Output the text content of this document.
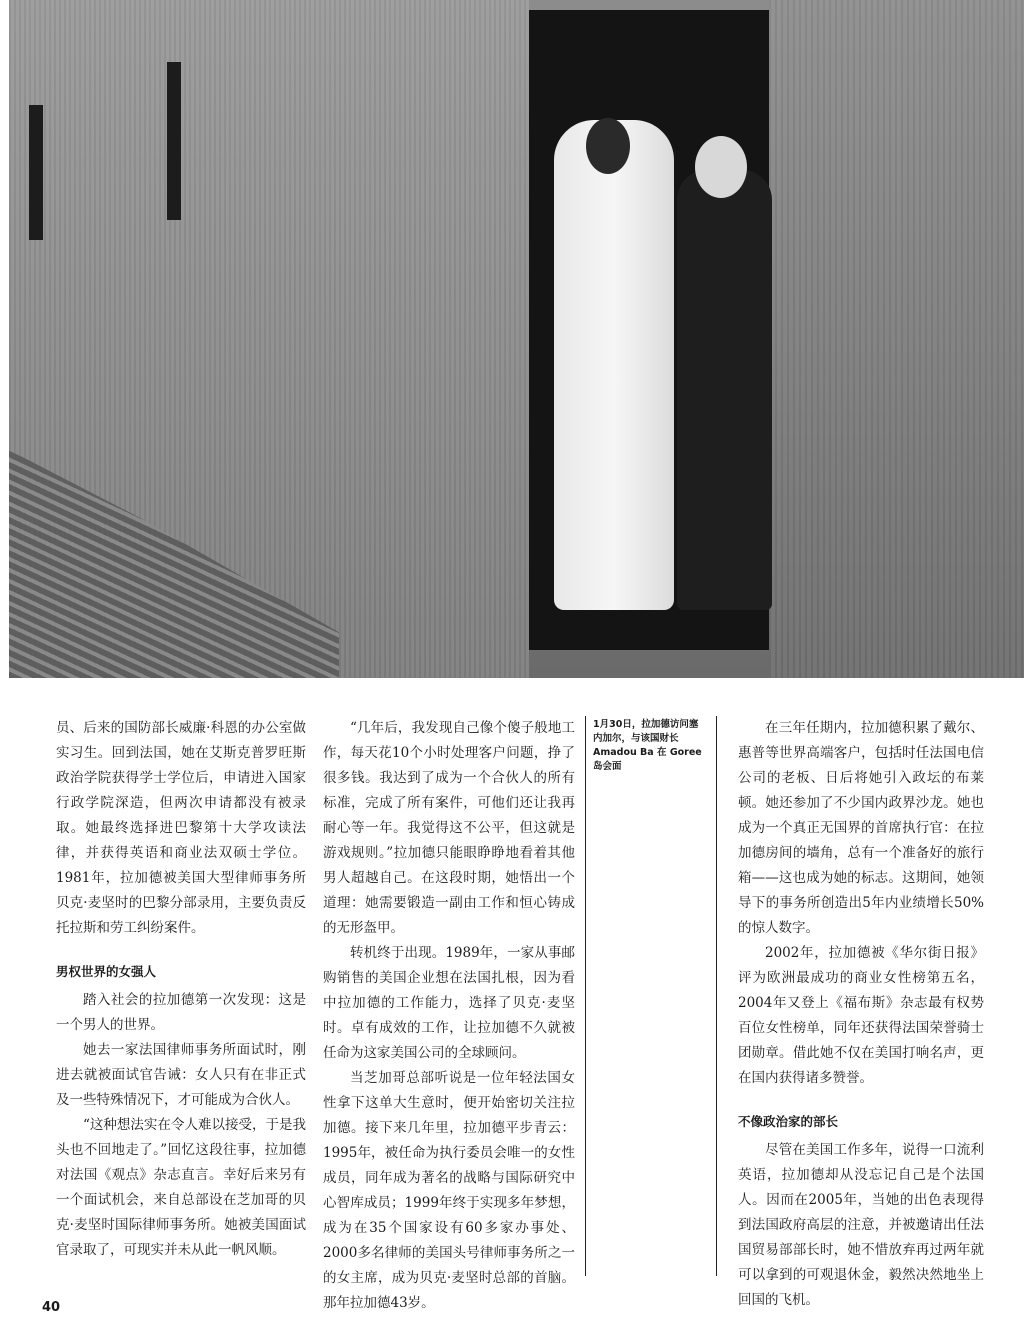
员、后来的国防部长威廉·科恩的办公室做实习生。回到法国，她在艾斯克普罗旺斯政治学院获得学士学位后，申请进入国家行政学院深造，但两次申请都没有被录取。她最终选择进巴黎第十大学攻读法律，并获得英语和商业法双硕士学位。1981年，拉加德被美国大型律师事务所贝克·麦坚时的巴黎分部录用，主要负责反托拉斯和劳工纠纷案件。

男权世界的女强人

踏入社会的拉加德第一次发现：这是一个男人的世界。

她去一家法国律师事务所面试时，刚进去就被面试官告诫：女人只有在非正式及一些特殊情况下，才可能成为合伙人。

“这种想法实在令人难以接受，于是我头也不回地走了。”回忆这段往事，拉加德对法国《观点》杂志直言。幸好后来另有一个面试机会，来自总部设在芝加哥的贝克·麦坚时国际律师事务所。她被美国面试官录取了，可现实并未从此一帆风顺。

“几年后，我发现自己像个傻子般地工作，每天花10个小时处理客户问题，挣了很多钱。我达到了成为一个合伙人的所有标准，完成了所有案件，可他们还让我再耐心等一年。我觉得这不公平，但这就是游戏规则。”拉加德只能眼睁睁地看着其他男人超越自己。在这段时期，她悟出一个道理：她需要锻造一副由工作和恒心铸成的无形盔甲。

转机终于出现。1989年，一家从事邮购销售的美国企业想在法国扎根，因为看中拉加德的工作能力，选择了贝克·麦坚时。卓有成效的工作，让拉加德不久就被任命为这家美国公司的全球顾问。

当芝加哥总部听说是一位年轻法国女性拿下这单大生意时，便开始密切关注拉加德。接下来几年里，拉加德平步青云：1995年，被任命为执行委员会唯一的女性成员，同年成为著名的战略与国际研究中心智库成员；1999年终于实现多年梦想，成为在35个国家设有60多家办事处、2000多名律师的美国头号律师事务所之一的女主席，成为贝克·麦坚时总部的首脑。那年拉加德43岁。

1月30日，拉加德访问塞内加尔，与该国财长Amadou Ba 在 Goree 岛会面

在三年任期内，拉加德积累了戴尔、惠普等世界高端客户，包括时任法国电信公司的老板、日后将她引入政坛的布莱顿。她还参加了不少国内政界沙龙。她也成为一个真正无国界的首席执行官：在拉加德房间的墙角，总有一个准备好的旅行箱——这也成为她的标志。这期间，她领导下的事务所创造出5年内业绩增长50%的惊人数字。

2002年，拉加德被《华尔街日报》评为欧洲最成功的商业女性榜第五名，2004年又登上《福布斯》杂志最有权势百位女性榜单，同年还获得法国荣誉骑士团勋章。借此她不仅在美国打响名声，更在国内获得诸多赞誉。

不像政治家的部长

尽管在美国工作多年，说得一口流利英语，拉加德却从没忘记自己是个法国人。因而在2005年，当她的出色表现得到法国政府高层的注意，并被邀请出任法国贸易部部长时，她不惜放弃再过两年就可以拿到的可观退休金，毅然决然地坐上回国的飞机。

40
